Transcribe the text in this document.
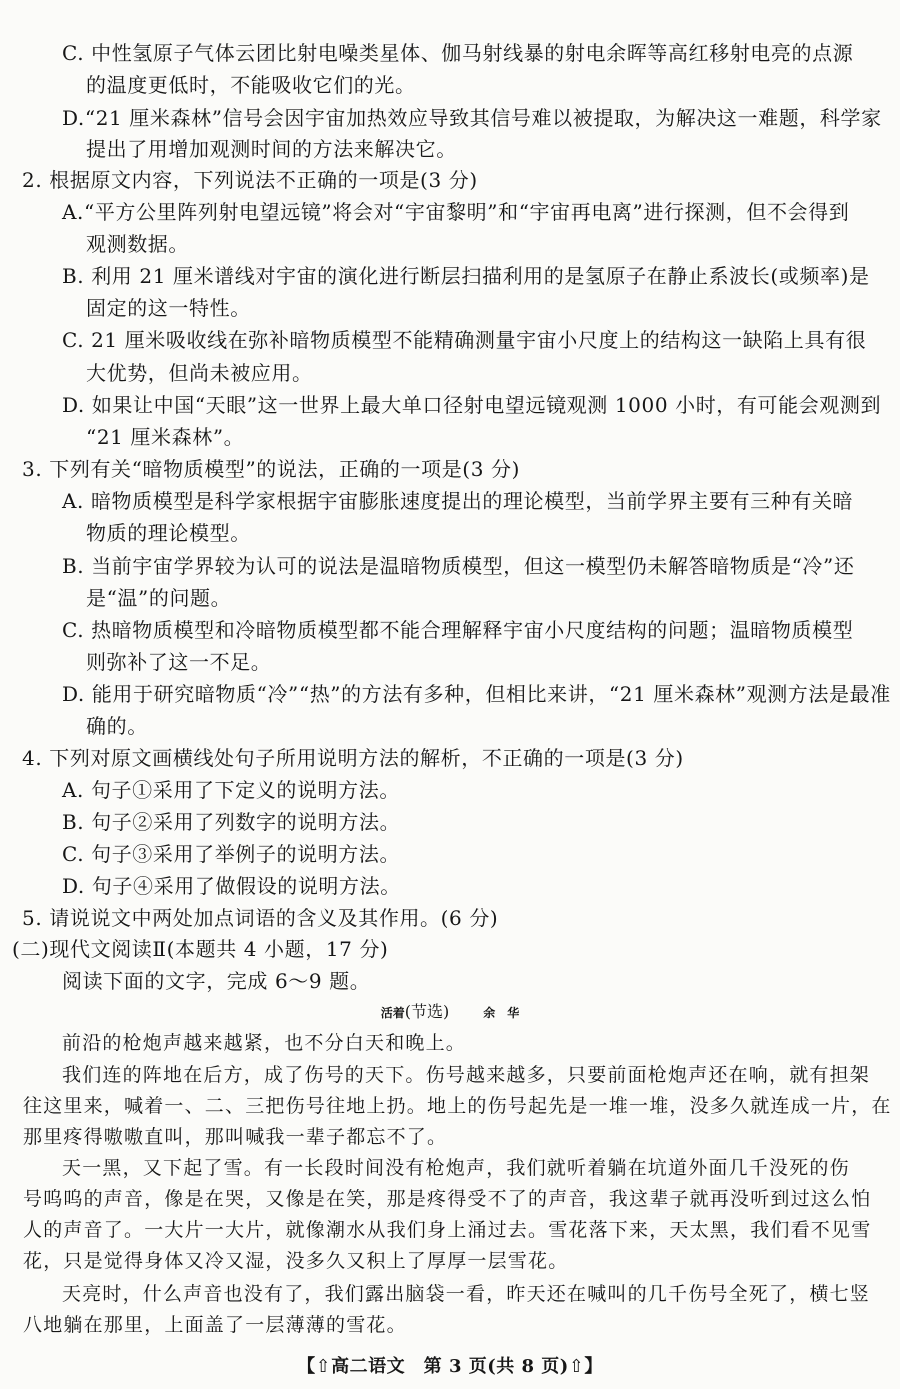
C. 中性氢原子气体云团比射电噪类星体、伽马射线暴的射电余晖等高红移射电亮的点源
的温度更低时，不能吸收它们的光。
D.“21 厘米森林”信号会因宇宙加热效应导致其信号难以被提取，为解决这一难题，科学家
提出了用增加观测时间的方法来解决它。
2. 根据原文内容，下列说法不正确的一项是(3 分)
A.“平方公里阵列射电望远镜”将会对“宇宙黎明”和“宇宙再电离”进行探测，但不会得到
观测数据。
B. 利用 21 厘米谱线对宇宙的演化进行断层扫描利用的是氢原子在静止系波长(或频率)是
固定的这一特性。
C. 21 厘米吸收线在弥补暗物质模型不能精确测量宇宙小尺度上的结构这一缺陷上具有很
大优势，但尚未被应用。
D. 如果让中国“天眼”这一世界上最大单口径射电望远镜观测 1000 小时，有可能会观测到
“21 厘米森林”。
3. 下列有关“暗物质模型”的说法，正确的一项是(3 分)
A. 暗物质模型是科学家根据宇宙膨胀速度提出的理论模型，当前学界主要有三种有关暗
物质的理论模型。
B. 当前宇宙学界较为认可的说法是温暗物质模型，但这一模型仍未解答暗物质是“冷”还
是“温”的问题。
C. 热暗物质模型和冷暗物质模型都不能合理解释宇宙小尺度结构的问题；温暗物质模型
则弥补了这一不足。
D. 能用于研究暗物质“冷”“热”的方法有多种，但相比来讲，“21 厘米森林”观测方法是最准
确的。
4. 下列对原文画横线处句子所用说明方法的解析，不正确的一项是(3 分)
A. 句子①采用了下定义的说明方法。
B. 句子②采用了列数字的说明方法。
C. 句子③采用了举例子的说明方法。
D. 句子④采用了做假设的说明方法。
5. 请说说文中两处加点词语的含义及其作用。(6 分)
(二)现代文阅读Ⅱ(本题共 4 小题，17 分)
阅读下面的文字，完成 6～9 题。
活着(节选)	余　华
前沿的枪炮声越来越紧，也不分白天和晚上。
我们连的阵地在后方，成了伤号的天下。伤号越来越多，只要前面枪炮声还在响，就有担架
往这里来，喊着一、二、三把伤号往地上扔。地上的伤号起先是一堆一堆，没多久就连成一片，在
那里疼得嗷嗷直叫，那叫喊我一辈子都忘不了。
天一黑，又下起了雪。有一长段时间没有枪炮声，我们就听着躺在坑道外面几千没死的伤
号呜呜的声音，像是在哭，又像是在笑，那是疼得受不了的声音，我这辈子就再没听到过这么怕
人的声音了。一大片一大片，就像潮水从我们身上涌过去。雪花落下来，天太黑，我们看不见雪
花，只是觉得身体又冷又湿，没多久又积上了厚厚一层雪花。
天亮时，什么声音也没有了，我们露出脑袋一看，昨天还在喊叫的几千伤号全死了，横七竖
八地躺在那里，上面盖了一层薄薄的雪花。
【⇧高二语文　第 3 页(共 8 页)⇧】
